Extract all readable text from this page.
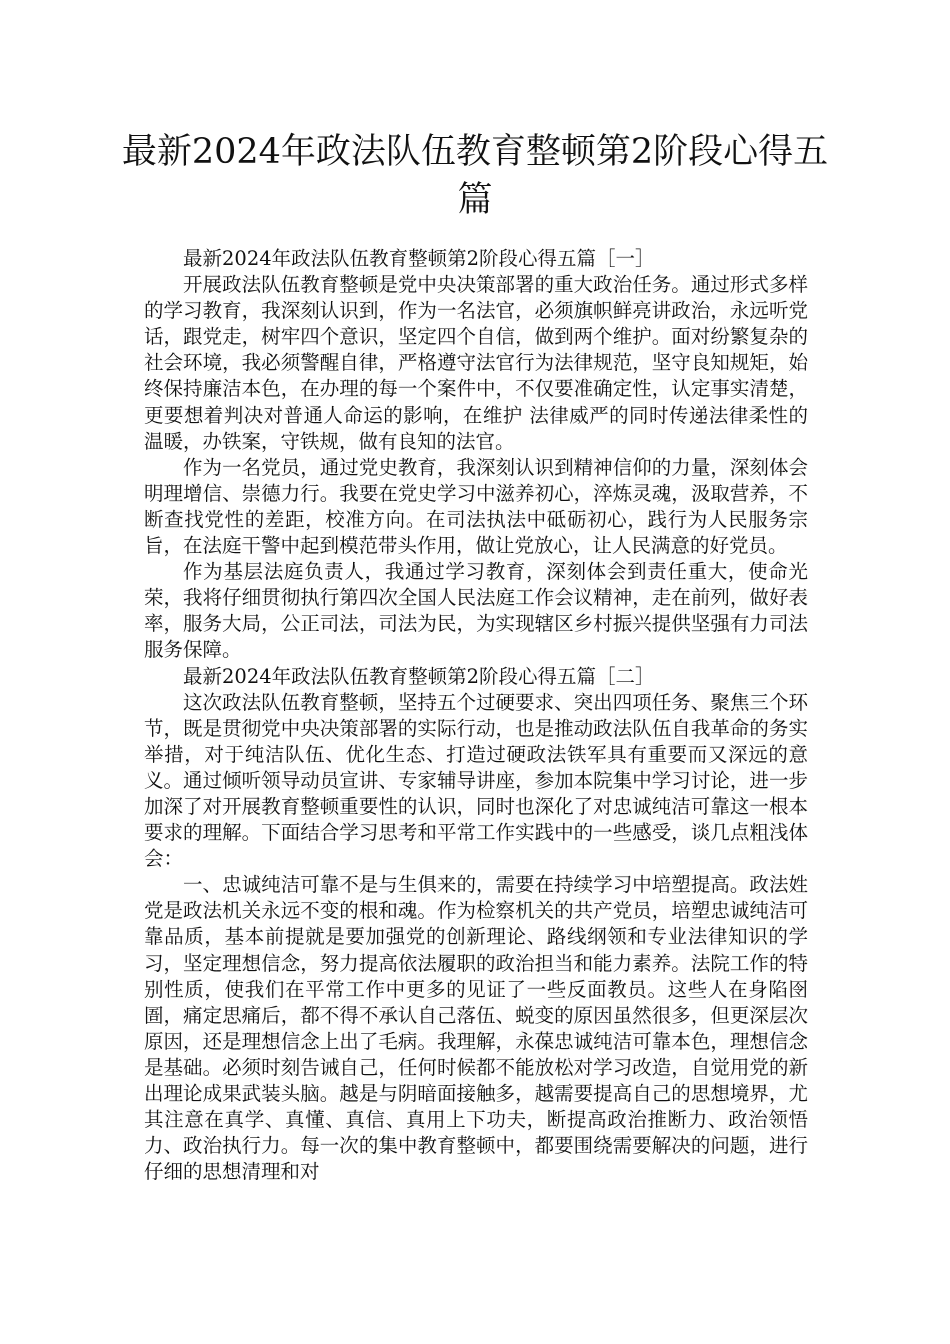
最新2024年政法队伍教育整顿第2阶段心得五篇

最新2024年政法队伍教育整顿第2阶段心得五篇［一］

开展政法队伍教育整顿是党中央决策部署的重大政治任务。通过形式多样的学习教育，我深刻认识到，作为一名法官，必须旗帜鲜亮讲政治，永远听党话，跟党走，树牢四个意识，坚定四个自信，做到两个维护。面对纷繁复杂的社会环境，我必须警醒自律，严格遵守法官行为法律规范，坚守良知规矩，始终保持廉洁本色，在办理的每一个案件中，不仅要准确定性，认定事实清楚，更要想着判决对普通人命运的影响，在维护 法律威严的同时传递法律柔性的温暖，办铁案，守铁规，做有良知的法官。

作为一名党员，通过党史教育，我深刻认识到精神信仰的力量，深刻体会明理增信、崇德力行。我要在党史学习中滋养初心，淬炼灵魂，汲取营养，不断查找党性的差距，校准方向。在司法执法中砥砺初心，践行为人民服务宗旨，在法庭干警中起到模范带头作用，做让党放心，让人民满意的好党员。

作为基层法庭负责人，我通过学习教育，深刻体会到责任重大，使命光荣，我将仔细贯彻执行第四次全国人民法庭工作会议精神，走在前列，做好表率，服务大局，公正司法，司法为民，为实现辖区乡村振兴提供坚强有力司法服务保障。

最新2024年政法队伍教育整顿第2阶段心得五篇［二］

这次政法队伍教育整顿，坚持五个过硬要求、突出四项任务、聚焦三个环节，既是贯彻党中央决策部署的实际行动，也是推动政法队伍自我革命的务实举措，对于纯洁队伍、优化生态、打造过硬政法铁军具有重要而又深远的意义。通过倾听领导动员宣讲、专家辅导讲座，参加本院集中学习讨论，进一步加深了对开展教育整顿重要性的认识，同时也深化了对忠诚纯洁可靠这一根本要求的理解。下面结合学习思考和平常工作实践中的一些感受，谈几点粗浅体会：

一、忠诚纯洁可靠不是与生俱来的，需要在持续学习中培塑提高。政法姓党是政法机关永远不变的根和魂。作为检察机关的共产党员，培塑忠诚纯洁可靠品质，基本前提就是要加强党的创新理论、路线纲领和专业法律知识的学习，坚定理想信念，努力提高依法履职的政治担当和能力素养。法院工作的特别性质，使我们在平常工作中更多的见证了一些反面教员。这些人在身陷囹圄，痛定思痛后，都不得不承认自己落伍、蜕变的原因虽然很多，但更深层次原因，还是理想信念上出了毛病。我理解，永葆忠诚纯洁可靠本色，理想信念是基础。必须时刻告诫自己，任何时候都不能放松对学习改造，自觉用党的新出理论成果武装头脑。越是与阴暗面接触多，越需要提高自己的思想境界，尤其注意在真学、真懂、真信、真用上下功夫，断提高政治推断力、政治领悟力、政治执行力。每一次的集中教育整顿中，都要围绕需要解决的问题，进行仔细的思想清理和对
